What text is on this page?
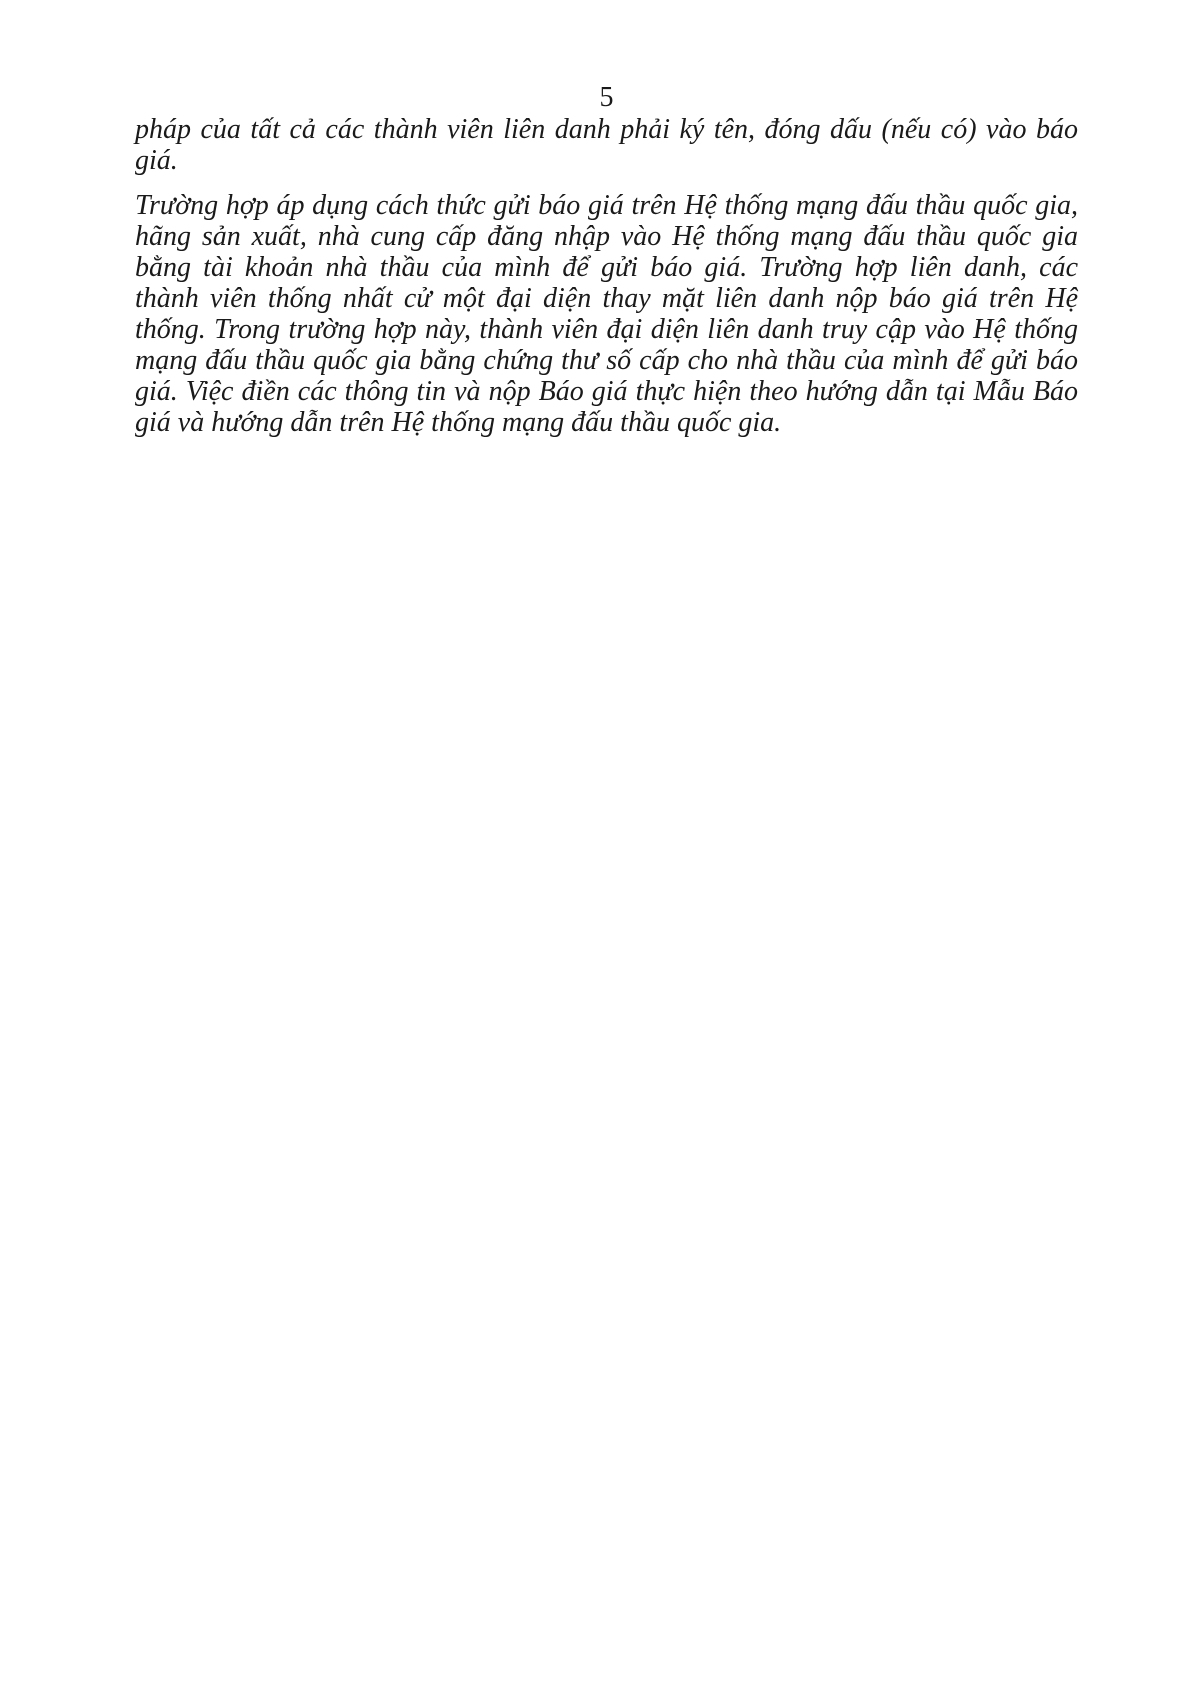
5
pháp của tất cả các thành viên liên danh phải ký tên, đóng dấu (nếu có) vào báo
giá.
Trường hợp áp dụng cách thức gửi báo giá trên Hệ thống mạng đấu thầu quốc gia,
hãng sản xuất, nhà cung cấp đăng nhập vào Hệ thống mạng đấu thầu quốc gia
bằng tài khoản nhà thầu của mình để gửi báo giá. Trường hợp liên danh, các
thành viên thống nhất cử một đại diện thay mặt liên danh nộp báo giá trên Hệ
thống. Trong trường hợp này, thành viên đại diện liên danh truy cập vào Hệ thống
mạng đấu thầu quốc gia bằng chứng thư số cấp cho nhà thầu của mình để gửi báo
giá. Việc điền các thông tin và nộp Báo giá thực hiện theo hướng dẫn tại Mẫu Báo
giá và hướng dẫn trên Hệ thống mạng đấu thầu quốc gia.
